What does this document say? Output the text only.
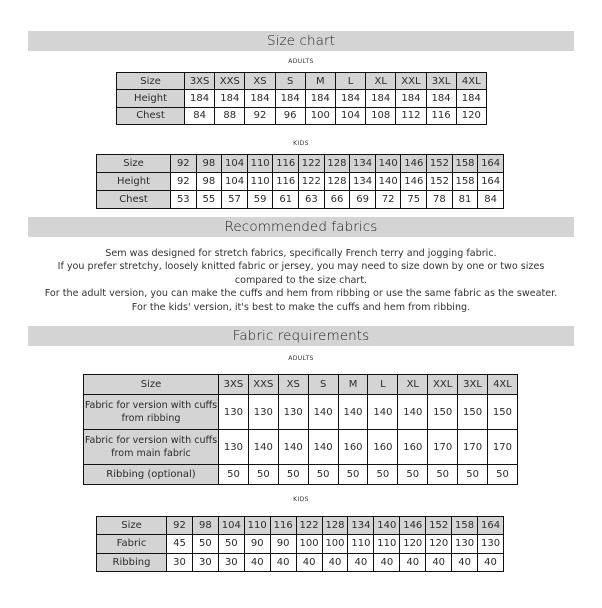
Size chart
ADULTS
Size	3XS	XXS	XS	S	M	L	XL	XXL	3XL	4XL
Height	184	184	184	184	184	184	184	184	184	184
Chest	84	88	92	96	100	104	108	112	116	120
KIDS
Size	92	98	104	110	116	122	128	134	140	146	152	158	164
Height	92	98	104	110	116	122	128	134	140	146	152	158	164
Chest	53	55	57	59	61	63	66	69	72	75	78	81	84
Recommended fabrics
Sem was designed for stretch fabrics, specifically French terry and jogging fabric.
If you prefer stretchy, loosely knitted fabric or jersey, you may need to size down by one or two sizes
compared to the size chart.
For the adult version, you can make the cuffs and hem from ribbing or use the same fabric as the sweater.
For the kids' version, it's best to make the cuffs and hem from ribbing.
Fabric requirements
ADULTS
Size	3XS	XXS	XS	S	M	L	XL	XXL	3XL	4XL
Fabric for version with cuffs from ribbing	130	130	130	140	140	140	140	150	150	150
Fabric for version with cuffs from main fabric	130	140	140	140	160	160	160	170	170	170
Ribbing (optional)	50	50	50	50	50	50	50	50	50	50
KIDS
Size	92	98	104	110	116	122	128	134	140	146	152	158	164
Fabric	45	50	50	90	90	100	100	110	110	120	120	130	130
Ribbing	30	30	30	40	40	40	40	40	40	40	40	40	40
